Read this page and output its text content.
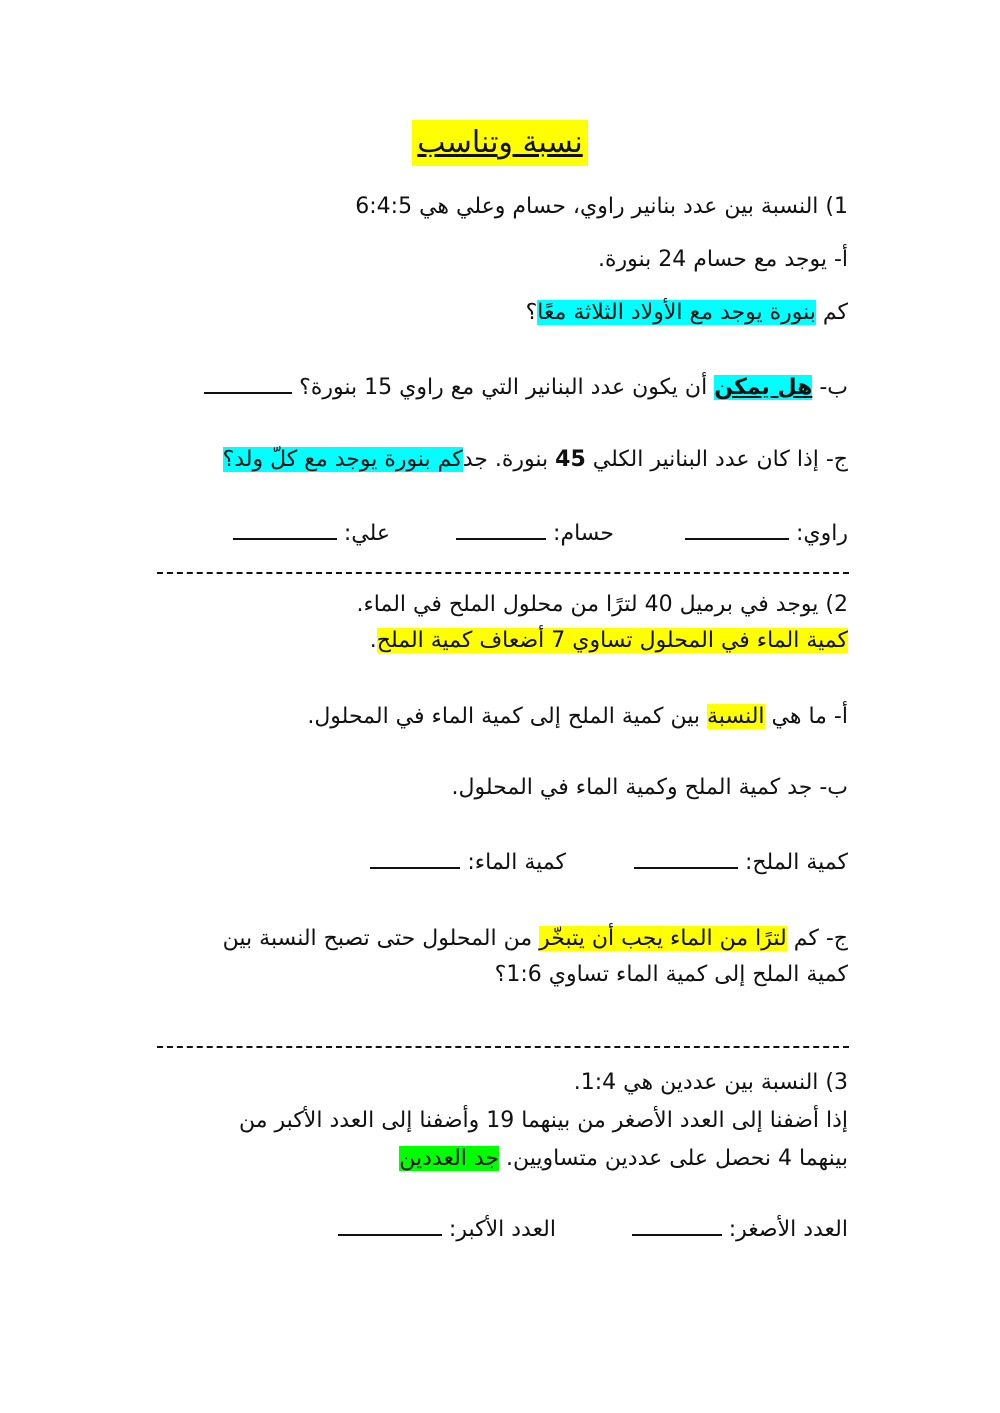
نسبة وتناسب
1) النسبة بين عدد بنانير راوي، حسام وعلي هي 6:4:5
أ- يوجد مع حسام 24 بنورة.
كم بنورة يوجد مع الأولاد الثلاثة معًا؟
ب- هل يمكن أن يكون عدد البنانير التي مع راوي 15 بنورة؟
ج- إذا كان عدد البنانير الكلي 45 بنورة. جدكم بنورة يوجد مع كلّ ولد؟
راوي:
حسام:
علي:
2) يوجد في برميل 40 لترًا من محلول الملح في الماء.
كمية الماء في المحلول تساوي 7 أضعاف كمية الملح.
أ- ما هي النسبة بين كمية الملح إلى كمية الماء في المحلول.
ب- جد كمية الملح وكمية الماء في المحلول.
كمية الملح:
كمية الماء:
ج- كم لترًا من الماء يجب أن يتبخّر من المحلول حتى تصبح النسبة بين
كمية الملح إلى كمية الماء تساوي 1:6؟
3) النسبة بين عددين هي 1:4.
إذا أضفنا إلى العدد الأصغر من بينهما 19 وأضفنا إلى العدد الأكبر من
بينهما 4 نحصل على عددين متساويين. جد العددين
العدد الأصغر:
العدد الأكبر:
